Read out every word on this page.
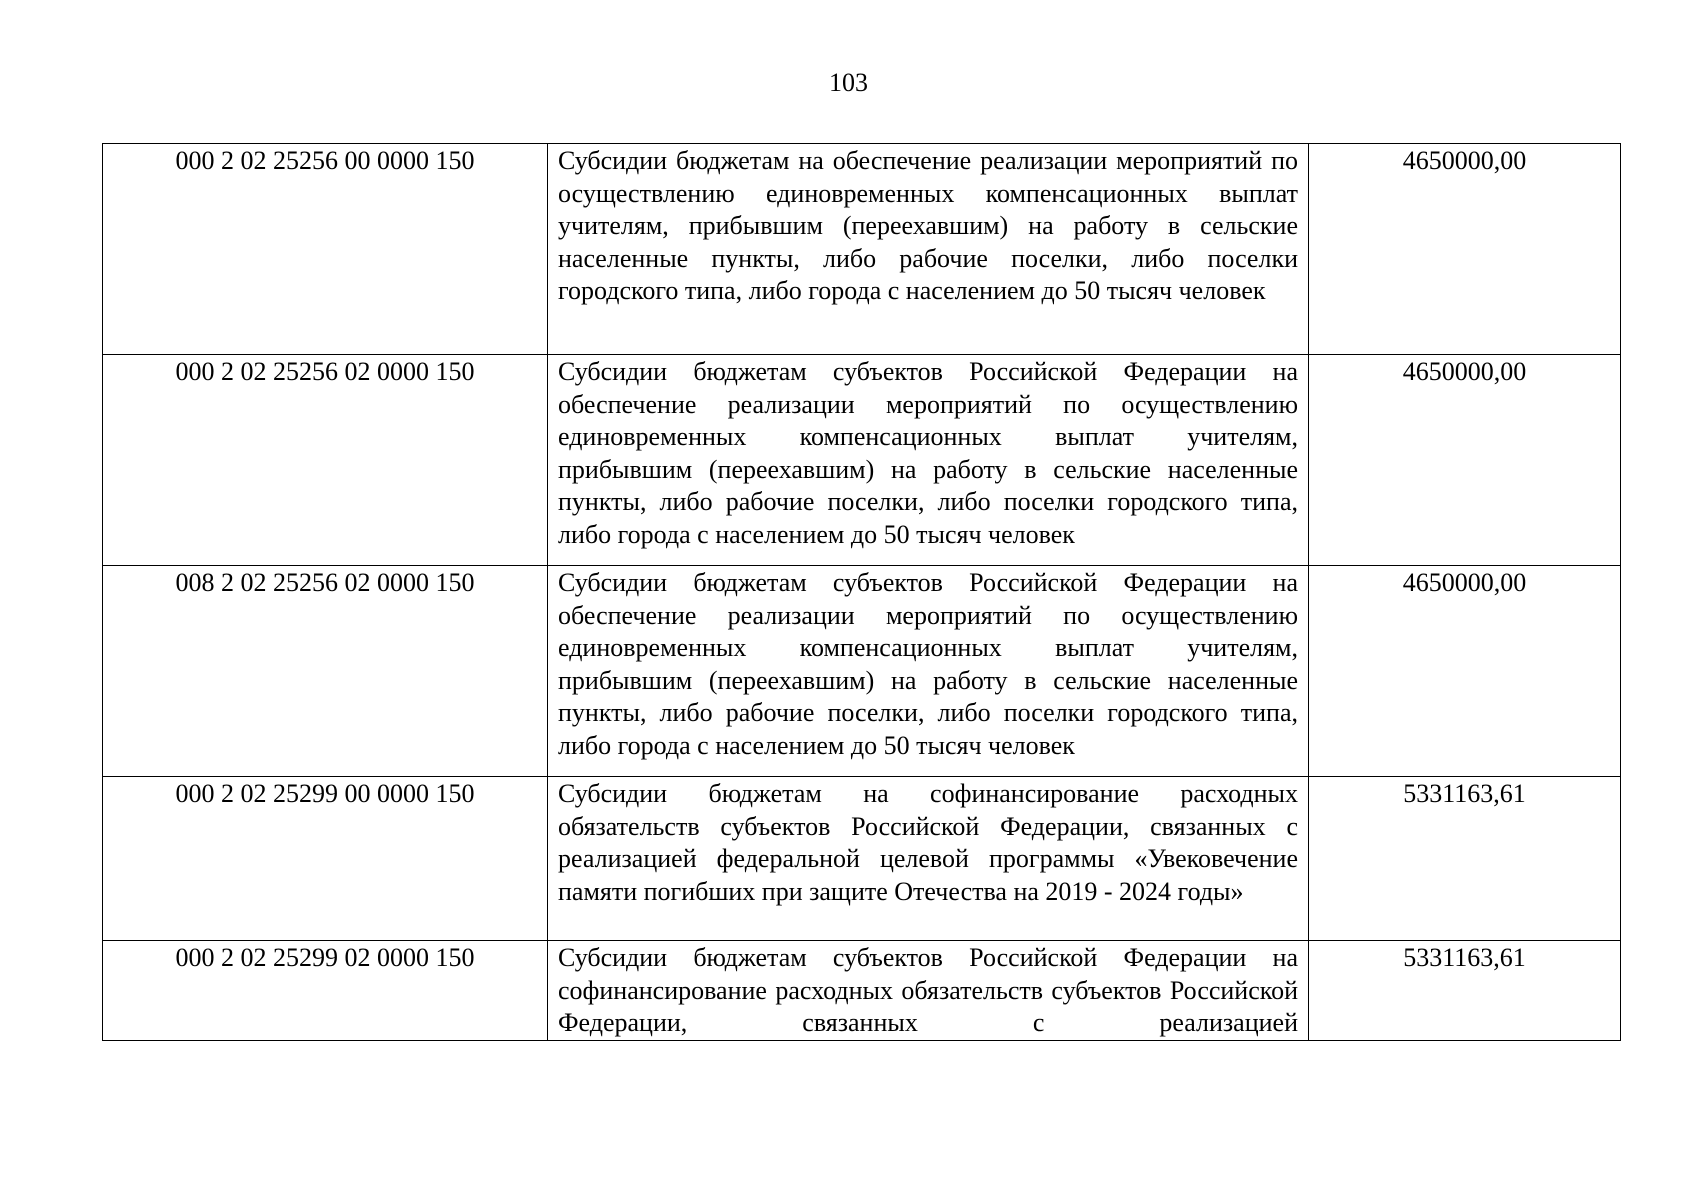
103
000 2 02 25256 00 0000 150	Субсидии бюджетам на обеспечение реализации мероприятий по осуществлению единовременных компенсационных выплат учителям, прибывшим (переехавшим) на работу в сельские населенные пункты, либо рабочие поселки, либо поселки городского типа, либо города с населением до 50 тысяч человек	4650000,00
000 2 02 25256 02 0000 150	Субсидии бюджетам субъектов Российской Федерации на обеспечение реализации мероприятий по осуществлению единовременных компенсационных выплат учителям, прибывшим (переехавшим) на работу в сельские населенные пункты, либо рабочие поселки, либо поселки городского типа, либо города с населением до 50 тысяч человек	4650000,00
008 2 02 25256 02 0000 150	Субсидии бюджетам субъектов Российской Федерации на обеспечение реализации мероприятий по осуществлению единовременных компенсационных выплат учителям, прибывшим (переехавшим) на работу в сельские населенные пункты, либо рабочие поселки, либо поселки городского типа, либо города с населением до 50 тысяч человек	4650000,00
000 2 02 25299 00 0000 150	Субсидии бюджетам на софинансирование расходных обязательств субъектов Российской Федерации, связанных с реализацией федеральной целевой программы «Увековечение памяти погибших при защите Отечества на 2019 - 2024 годы»	5331163,61
000 2 02 25299 02 0000 150	Субсидии бюджетам субъектов Российской Федерации на софинансирование расходных обязательств субъектов Российской Федерации, связанных с реализацией	5331163,61
